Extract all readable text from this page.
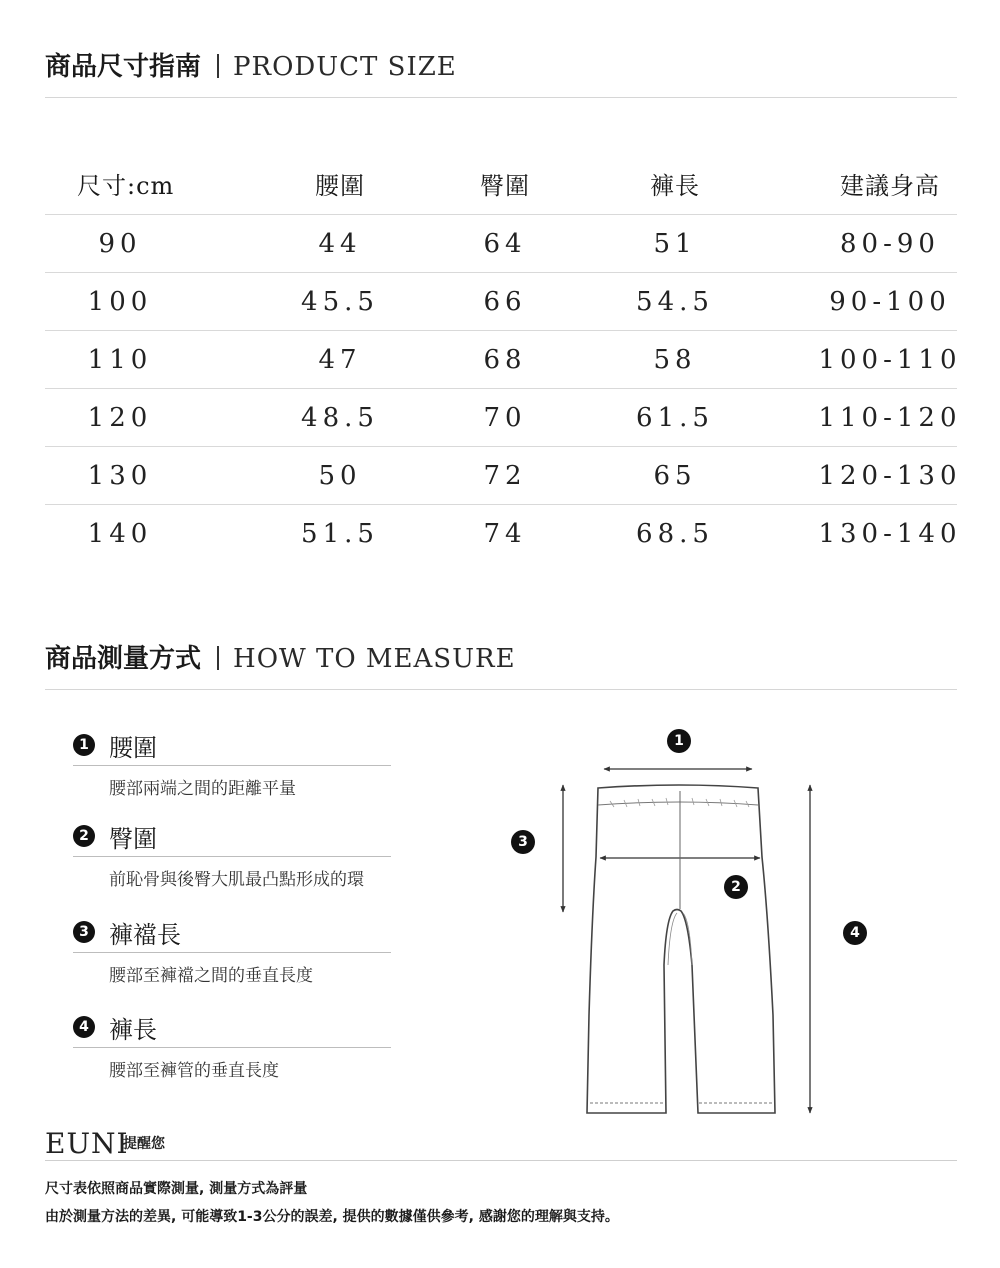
商品尺寸指南 PRODUCT SIZE
尺寸:cm	腰圍	臀圍	褲長	建議身高
90	44	64	51	80-90
100	45.5	66	54.5	90-100
110	47	68	58	100-110
120	48.5	70	61.5	110-120
130	50	72	65	120-130
140	51.5	74	68.5	130-140
商品測量方式 HOW TO MEASURE
1 腰圍
腰部兩端之間的距離平量
2 臀圍
前恥骨與後臀大肌最凸點形成的環
3 褲襠長
腰部至褲襠之間的垂直長度
4 褲長
腰部至褲管的垂直長度
1
2
3
4
EUNI
提醒您
尺寸表依照商品實際測量, 測量方式為評量
由於測量方法的差異, 可能導致1-3公分的誤差, 提供的數據僅供參考, 感謝您的理解與支持。
